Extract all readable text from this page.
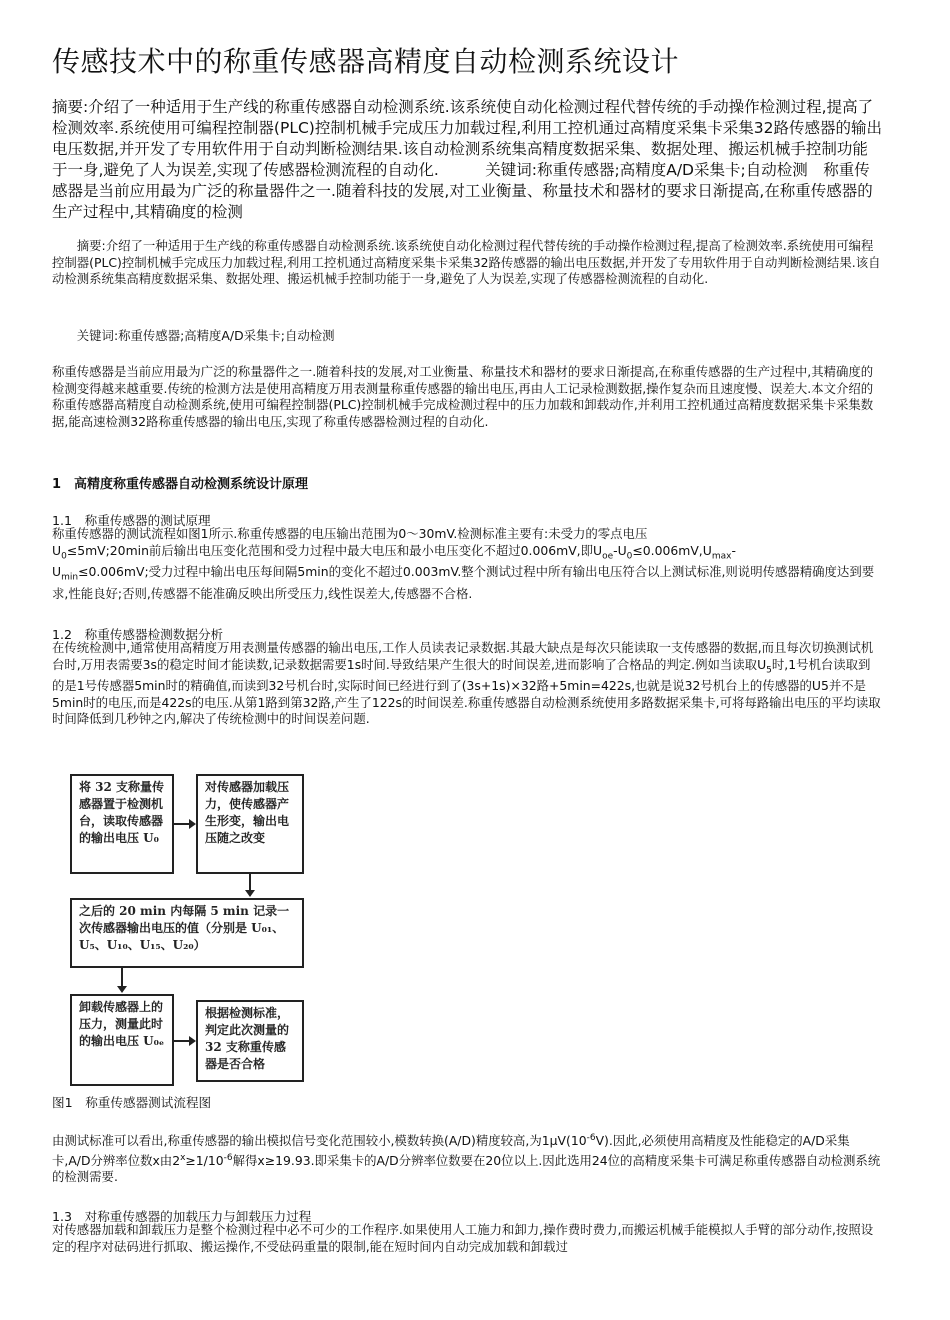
传感技术中的称重传感器高精度自动检测系统设计

摘要:介绍了一种适用于生产线的称重传感器自动检测系统.该系统使自动化检测过程代替传统的手动操作检测过程,提高了检测效率.系统使用可编程控制器(PLC)控制机械手完成压力加载过程,利用工控机通过高精度采集卡采集32路传感器的输出电压数据,并开发了专用软件用于自动判断检测结果.该自动检测系统集高精度数据采集、数据处理、搬运机械手控制功能于一身,避免了人为误差,实现了传感器检测流程的自动化.　　　关键词:称重传感器;高精度A/D采集卡;自动检测　称重传感器是当前应用最为广泛的称量器件之一.随着科技的发展,对工业衡量、称量技术和器材的要求日渐提高,在称重传感器的生产过程中,其精确度的检测

　　摘要:介绍了一种适用于生产线的称重传感器自动检测系统.该系统使自动化检测过程代替传统的手动操作检测过程,提高了检测效率.系统使用可编程控制器(PLC)控制机械手完成压力加载过程,利用工控机通过高精度采集卡采集32路传感器的输出电压数据,并开发了专用软件用于自动判断检测结果.该自动检测系统集高精度数据采集、数据处理、搬运机械手控制功能于一身,避免了人为误差,实现了传感器检测流程的自动化.

　　关键词:称重传感器;高精度A/D采集卡;自动检测

称重传感器是当前应用最为广泛的称量器件之一.随着科技的发展,对工业衡量、称量技术和器材的要求日渐提高,在称重传感器的生产过程中,其精确度的检测变得越来越重要.传统的检测方法是使用高精度万用表测量称重传感器的输出电压,再由人工记录检测数据,操作复杂而且速度慢、误差大.本文介绍的称重传感器高精度自动检测系统,使用可编程控制器(PLC)控制机械手完成检测过程中的压力加载和卸载动作,并利用工控机通过高精度数据采集卡采集数据,能高速检测32路称重传感器的输出电压,实现了称重传感器检测过程的自动化.

1　高精度称重传感器自动检测系统设计原理

1.1　称重传感器的测试原理

称重传感器的测试流程如图1所示.称重传感器的电压输出范围为0～30mV.检测标准主要有:未受力的零点电压
$U_0\le 5mV;20\min$前后输出电压变化范围和受力过程中最大电压和最小电压变化不超过0.006mV,即$U_{oe}-U_0\le 0.006mV,U_{max}-$
$U_{min}\le 0.006mV$;受力过程中输出电压每间隔5min的变化不超过0.003mV.整个测试过程中所有输出电压符合以上测试标准,则说明传感器精确度达到要求,性能良好;否则,传感器不能准确反映出所受压力,线性误差大,传感器不合格.

1.2　称重传感器检测数据分析

在传统检测中,通常使用高精度万用表测量传感器的输出电压,工作人员读表记录数据.其最大缺点是每次只能读取一支传感器的数据,而且每次切换测试机台时,万用表需要3s的稳定时间才能读数,记录数据需要1s时间.导致结果产生很大的时间误差,进而影响了合格品的判定.例如当读取$U_5$时,1号机台读取到的是1号传感器5min时的精确值,而读到32号机台时,实际时间已经进行到了(3s+1s)×32路+5min=422s,也就是说32号机台上的传感器的U5并不是5min时的电压,而是422s的电压.从第1路到第32路,产生了122s的时间误差.称重传感器自动检测系统使用多路数据采集卡,可将每路输出电压的平均读取时间降低到几秒钟之内,解决了传统检测中的时间误差问题.

将 32 支称量传感器置于检测机台，读取传感器的输出电压 U₀
对传感器加载压力，使传感器产生形变，输出电压随之改变
之后的 20 min 内每隔 5 min 记录一次传感器输出电压的值（分别是 U₀₁、U₅、U₁₀、U₁₅、U₂₀）
卸载传感器上的压力，测量此时的输出电压 U₀ₑ
根据检测标准，判定此次测量的 32 支称重传感器是否合格

图1　称重传感器测试流程图

由测试标准可以看出,称重传感器的输出模拟信号变化范围较小,模数转换(A/D)精度较高,为$1\mu V(10^{-6}V)$.因此,必须使用高精度及性能稳定的A/D采集卡,A/D分辨率位数x由$2^x\ge 1/10^{-6}$解得x≥19.93.即采集卡的A/D分辨率位数要在20位以上.因此选用24位的高精度采集卡可满足称重传感器自动检测系统的检测需要.

1.3　对称重传感器的加载压力与卸载压力过程

对传感器加载和卸载压力是整个检测过程中必不可少的工作程序.如果使用人工施力和卸力,操作费时费力,而搬运机械手能模拟人手臂的部分动作,按照设定的程序对砝码进行抓取、搬运操作,不受砝码重量的限制,能在短时间内自动完成加载和卸载过
